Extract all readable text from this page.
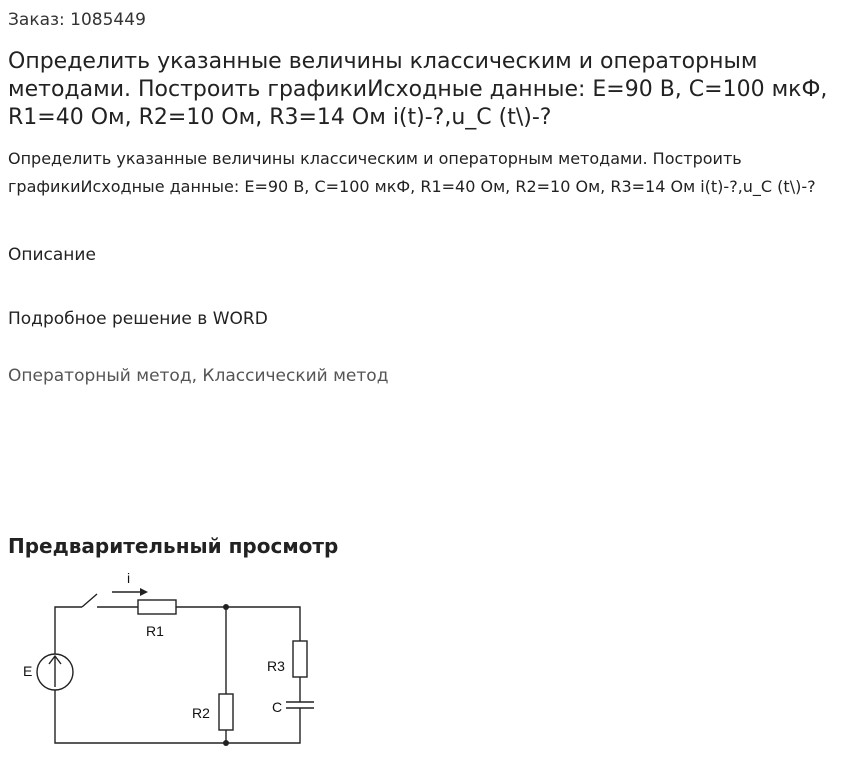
Заказ: 1085449

Определить указанные величины классическим и операторным методами. Построить графикиИсходные данные: E=90 В, C=100 мкФ, R1=40 Ом, R2=10 Ом, R3=14 Ом i(t)-?,u_C (t\)-?

Определить указанные величины классическим и операторным методами. Построить графикиИсходные данные: E=90 В, C=100 мкФ, R1=40 Ом, R2=10 Ом, R3=14 Ом i(t)-?,u_C (t\)-?

Описание

Подробное решение в WORD

Операторный метод, Классический метод

Предварительный просмотр
i
R1
R2
R3
E
C
